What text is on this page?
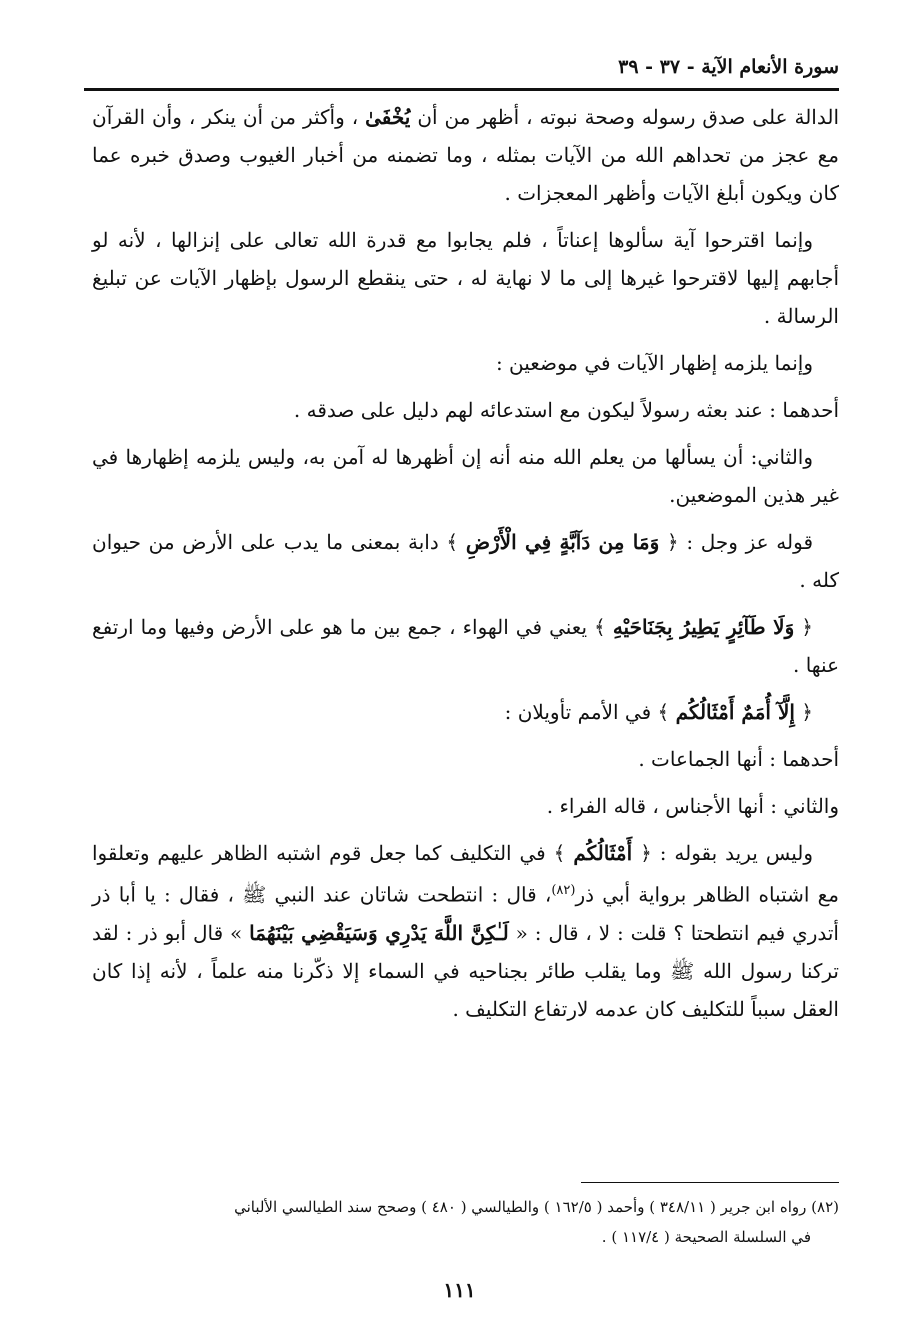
سورة الأنعام الآية - ٣٧ - ٣٩

الدالة على صدق رسوله وصحة نبوته ، أظهر من أن يُخْفَىٰ ، وأكثر من أن ينكر ، وأن القرآن مع عجز من تحداهم الله من الآيات بمثله ، وما تضمنه من أخبار الغيوب وصدق خبره عما كان ويكون أبلغ الآيات وأظهر المعجزات .

وإنما اقترحوا آية سألوها إعناتاً ، فلم يجابوا مع قدرة الله تعالى على إنزالها ، لأنه لو أجابهم إليها لاقترحوا غيرها إلى ما لا نهاية له ، حتى ينقطع الرسول بإظهار الآيات عن تبليغ الرسالة .

وإنما يلزمه إظهار الآيات في موضعين :

أحدهما : عند بعثه رسولاً ليكون مع استدعائه لهم دليل على صدقه .

والثاني: أن يسألها من يعلم الله منه أنه إن أظهرها له آمن به، وليس يلزمه إظهارها في غير هذين الموضعين.

قوله عز وجل : ﴿ وَمَا مِن دَآبَّةٍ فِي الْأَرْضِ ﴾ دابة بمعنى ما يدب على الأرض من حيوان كله .

﴿ وَلَا طَآئِرٍ يَطِيرُ بِجَنَاحَيْهِ ﴾ يعني في الهواء ، جمع بين ما هو على الأرض وفيها وما ارتفع عنها .

﴿ إِلَّآ أُمَمٌ أَمْثَالُكُم ﴾ في الأمم تأويلان :

أحدهما : أنها الجماعات .

والثاني : أنها الأجناس ، قاله الفراء .

وليس يريد بقوله : ﴿ أَمْثَالُكُم ﴾ في التكليف كما جعل قوم اشتبه الظاهر عليهم وتعلقوا مع اشتباه الظاهر برواية أبي ذر$^{(٨٢)}$، قال : انتطحت شاتان عند النبي ﷺ ، فقال : يا أبا ذر أتدري فيم انتطحتا ؟ قلت : لا ، قال : « لَـٰكِنَّ اللَّهَ يَدْرِي وَسَيَقْضِي بَيْنَهُمَا » قال أبو ذر : لقد تركنا رسول الله ﷺ وما يقلب طائر بجناحيه في السماء إلا ذكّرنا منه علماً ، لأنه إذا كان العقل سبباً للتكليف كان عدمه لارتفاع التكليف .

(٨٢) رواه ابن جرير ( ٣٤٨/١١ ) وأحمد ( ١٦٢/٥ ) والطيالسي ( ٤٨٠ ) وصحح سند الطيالسي الألباني

في السلسلة الصحيحة ( ١١٧/٤ ) .

١١١
